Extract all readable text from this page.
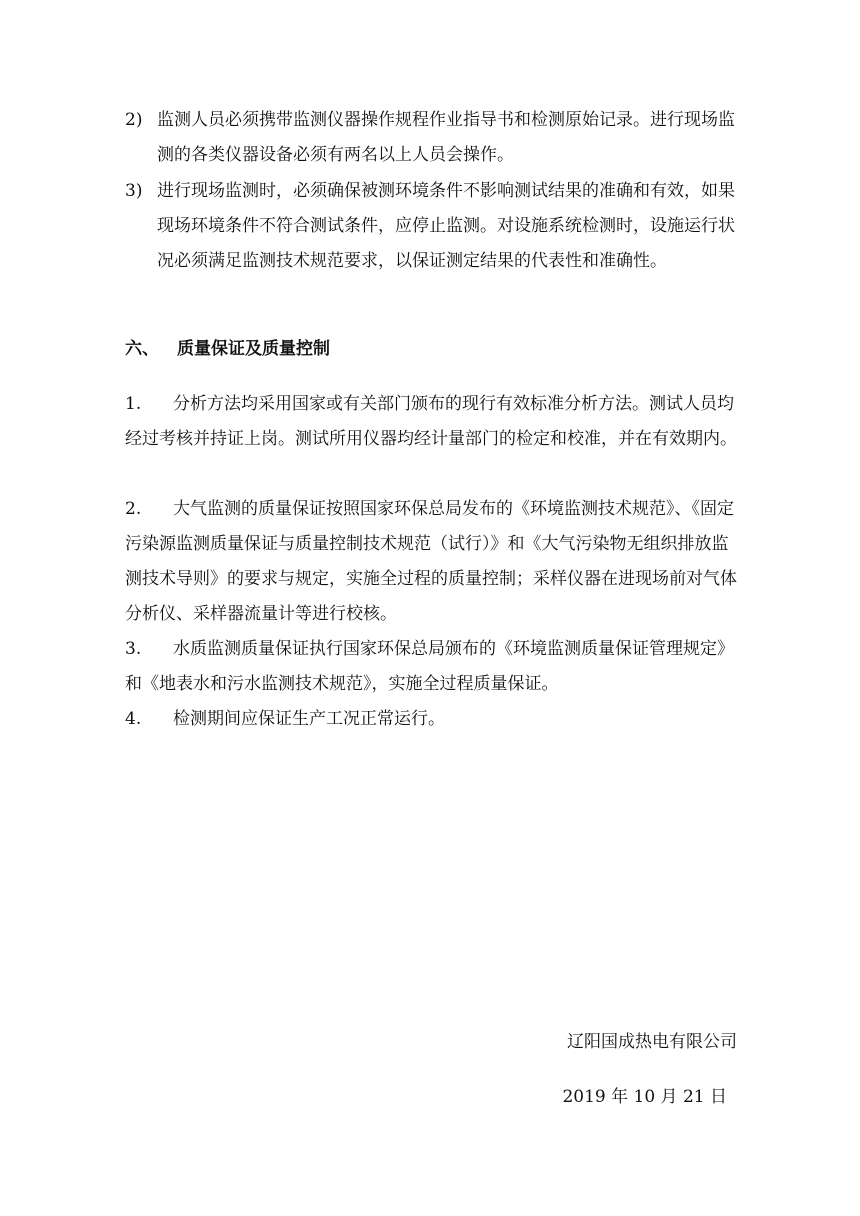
2) 监测人员必须携带监测仪器操作规程作业指导书和检测原始记录。进行现场监测的各类仪器设备必须有两名以上人员会操作。
3) 进行现场监测时，必须确保被测环境条件不影响测试结果的准确和有效，如果现场环境条件不符合测试条件，应停止监测。对设施系统检测时，设施运行状况必须满足监测技术规范要求，以保证测定结果的代表性和准确性。
六、 质量保证及质量控制
1.	分析方法均采用国家或有关部门颁布的现行有效标准分析方法。测试人员均经过考核并持证上岗。测试所用仪器均经计量部门的检定和校准，并在有效期内。
2.	大气监测的质量保证按照国家环保总局发布的《环境监测技术规范》、《固定污染源监测质量保证与质量控制技术规范（试行）》和《大气污染物无组织排放监测技术导则》的要求与规定，实施全过程的质量控制；采样仪器在进现场前对气体分析仪、采样器流量计等进行校核。
3.	水质监测质量保证执行国家环保总局颁布的《环境监测质量保证管理规定》和《地表水和污水监测技术规范》，实施全过程质量保证。
4.	检测期间应保证生产工况正常运行。
辽阳国成热电有限公司
2019 年 10 月 21 日
